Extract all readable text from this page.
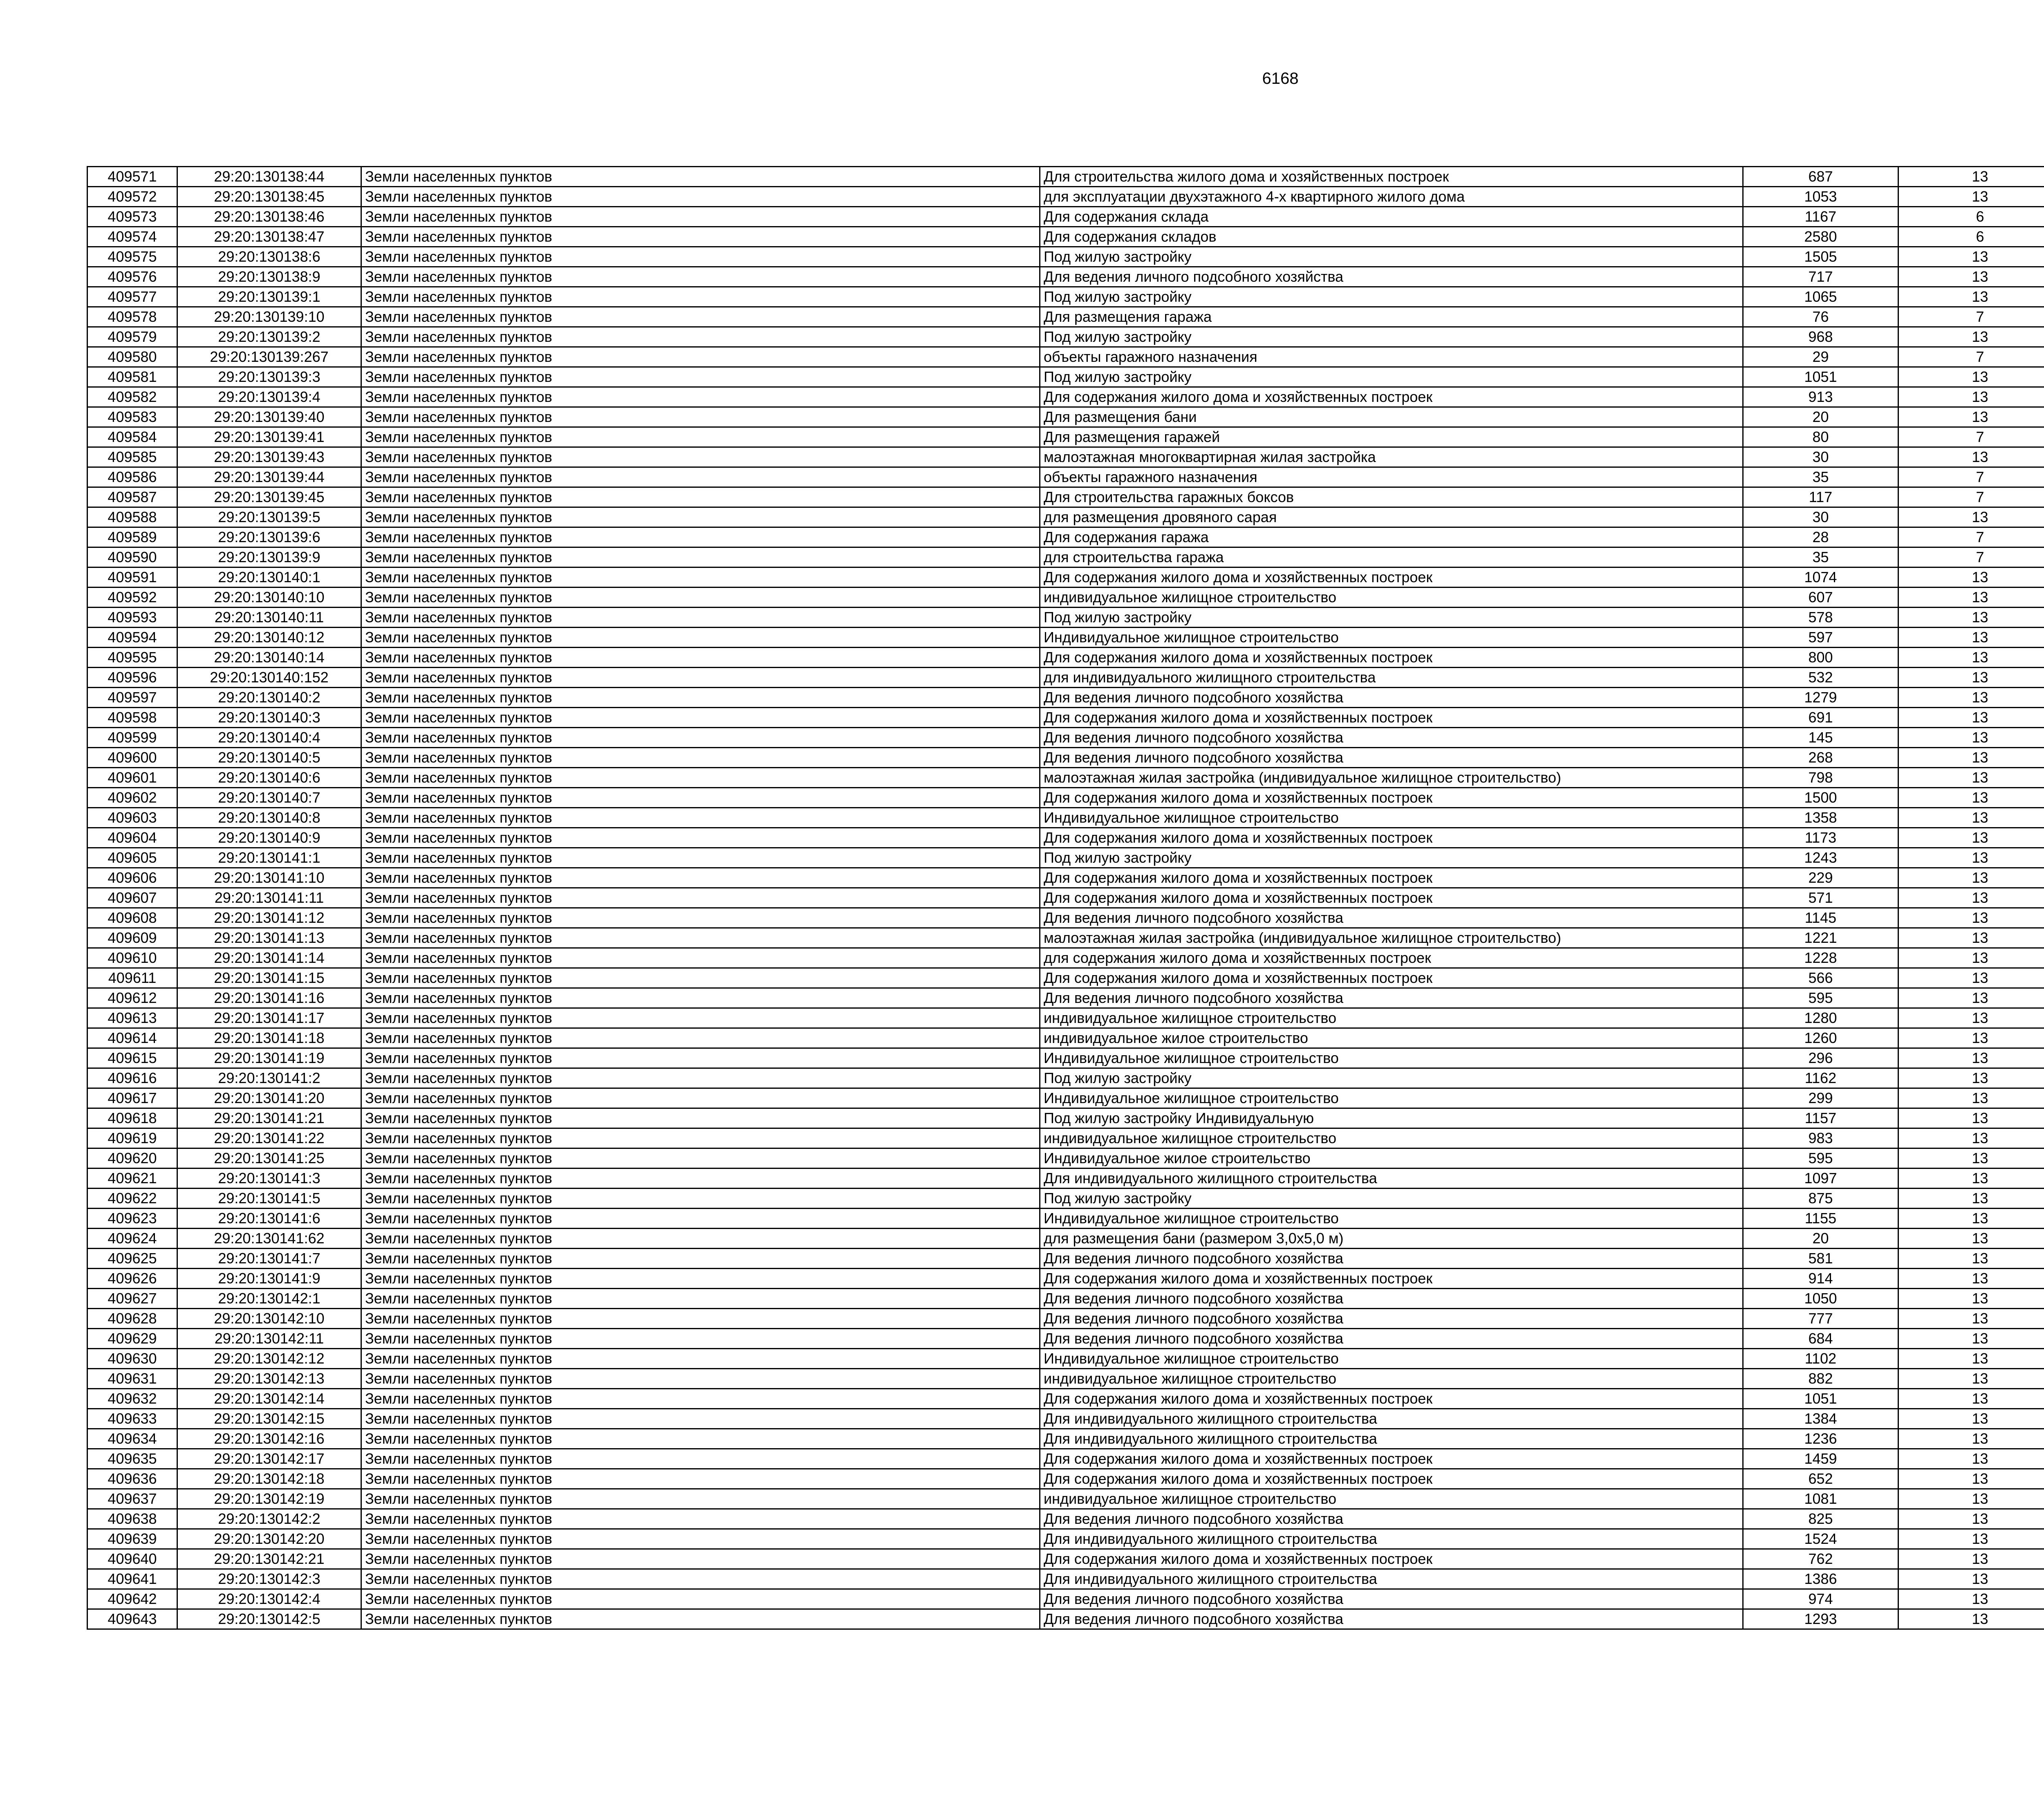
6168
409571	29:20:130138:44	Земли населенных пунктов	Для строительства жилого дома и хозяйственных построек	687	13		
409572	29:20:130138:45	Земли населенных пунктов	для эксплуатации двухэтажного 4-х квартирного жилого дома	1053	13		
409573	29:20:130138:46	Земли населенных пунктов	Для содержания склада	1167	6		
409574	29:20:130138:47	Земли населенных пунктов	Для содержания складов	2580	6		
409575	29:20:130138:6	Земли населенных пунктов	Под жилую застройку	1505	13		
409576	29:20:130138:9	Земли населенных пунктов	Для ведения личного подсобного хозяйства	717	13		
409577	29:20:130139:1	Земли населенных пунктов	Под жилую застройку	1065	13		
409578	29:20:130139:10	Земли населенных пунктов	Для размещения гаража	76	7		
409579	29:20:130139:2	Земли населенных пунктов	Под жилую застройку	968	13		
409580	29:20:130139:267	Земли населенных пунктов	объекты гаражного назначения	29	7		
409581	29:20:130139:3	Земли населенных пунктов	Под жилую застройку	1051	13		
409582	29:20:130139:4	Земли населенных пунктов	Для содержания жилого дома и хозяйственных построек	913	13		
409583	29:20:130139:40	Земли населенных пунктов	Для размещения бани	20	13		
409584	29:20:130139:41	Земли населенных пунктов	Для размещения гаражей	80	7		
409585	29:20:130139:43	Земли населенных пунктов	малоэтажная многоквартирная жилая застройка	30	13		
409586	29:20:130139:44	Земли населенных пунктов	объекты гаражного назначения	35	7		
409587	29:20:130139:45	Земли населенных пунктов	Для строительства гаражных боксов	117	7		
409588	29:20:130139:5	Земли населенных пунктов	для размещения дровяного сарая	30	13		
409589	29:20:130139:6	Земли населенных пунктов	Для содержания гаража	28	7		
409590	29:20:130139:9	Земли населенных пунктов	для строительства гаража	35	7		
409591	29:20:130140:1	Земли населенных пунктов	Для содержания жилого дома и хозяйственных построек	1074	13		
409592	29:20:130140:10	Земли населенных пунктов	индивидуальное жилищное строительство	607	13		
409593	29:20:130140:11	Земли населенных пунктов	Под жилую застройку	578	13		
409594	29:20:130140:12	Земли населенных пунктов	Индивидуальное жилищное строительство	597	13		
409595	29:20:130140:14	Земли населенных пунктов	Для содержания жилого дома и хозяйственных построек	800	13		
409596	29:20:130140:152	Земли населенных пунктов	для индивидуального жилищного строительства	532	13		
409597	29:20:130140:2	Земли населенных пунктов	Для ведения личного подсобного хозяйства	1279	13		
409598	29:20:130140:3	Земли населенных пунктов	Для содержания жилого дома и хозяйственных построек	691	13		
409599	29:20:130140:4	Земли населенных пунктов	Для ведения личного подсобного хозяйства	145	13		
409600	29:20:130140:5	Земли населенных пунктов	Для ведения личного подсобного хозяйства	268	13		
409601	29:20:130140:6	Земли населенных пунктов	малоэтажная жилая застройка (индивидуальное жилищное строительство)	798	13		
409602	29:20:130140:7	Земли населенных пунктов	Для содержания жилого дома и хозяйственных построек	1500	13		
409603	29:20:130140:8	Земли населенных пунктов	Индивидуальное жилищное строительство	1358	13		
409604	29:20:130140:9	Земли населенных пунктов	Для содержания жилого дома и хозяйственных построек	1173	13		
409605	29:20:130141:1	Земли населенных пунктов	Под жилую застройку	1243	13		
409606	29:20:130141:10	Земли населенных пунктов	Для содержания жилого дома и хозяйственных построек	229	13		
409607	29:20:130141:11	Земли населенных пунктов	Для содержания жилого дома и хозяйственных построек	571	13		
409608	29:20:130141:12	Земли населенных пунктов	Для ведения личного подсобного хозяйства	1145	13		
409609	29:20:130141:13	Земли населенных пунктов	малоэтажная жилая застройка (индивидуальное жилищное строительство)	1221	13		
409610	29:20:130141:14	Земли населенных пунктов	для содержания жилого дома и хозяйственных построек	1228	13		
409611	29:20:130141:15	Земли населенных пунктов	Для содержания жилого дома и хозяйственных построек	566	13		
409612	29:20:130141:16	Земли населенных пунктов	Для ведения личного подсобного хозяйства	595	13		
409613	29:20:130141:17	Земли населенных пунктов	индивидуальное жилищное строительство	1280	13		
409614	29:20:130141:18	Земли населенных пунктов	индивидуальное жилое строительство	1260	13		
409615	29:20:130141:19	Земли населенных пунктов	Индивидуальное жилищное строительство	296	13		
409616	29:20:130141:2	Земли населенных пунктов	Под жилую застройку	1162	13		
409617	29:20:130141:20	Земли населенных пунктов	Индивидуальное жилищное строительство	299	13		
409618	29:20:130141:21	Земли населенных пунктов	Под жилую застройку Индивидуальную	1157	13		
409619	29:20:130141:22	Земли населенных пунктов	индивидуальное жилищное строительство	983	13		
409620	29:20:130141:25	Земли населенных пунктов	Индивидуальное жилое строительство	595	13		
409621	29:20:130141:3	Земли населенных пунктов	Для индивидуального жилищного строительства	1097	13		
409622	29:20:130141:5	Земли населенных пунктов	Под жилую застройку	875	13		
409623	29:20:130141:6	Земли населенных пунктов	Индивидуальное жилищное строительство	1155	13		
409624	29:20:130141:62	Земли населенных пунктов	для размещения бани (размером 3,0х5,0 м)	20	13		
409625	29:20:130141:7	Земли населенных пунктов	Для ведения личного подсобного хозяйства	581	13		
409626	29:20:130141:9	Земли населенных пунктов	Для содержания жилого дома и хозяйственных построек	914	13		
409627	29:20:130142:1	Земли населенных пунктов	Для ведения личного подсобного хозяйства	1050	13		
409628	29:20:130142:10	Земли населенных пунктов	Для ведения личного подсобного хозяйства	777	13		
409629	29:20:130142:11	Земли населенных пунктов	Для ведения личного подсобного хозяйства	684	13		
409630	29:20:130142:12	Земли населенных пунктов	Индивидуальное жилищное строительство	1102	13		
409631	29:20:130142:13	Земли населенных пунктов	индивидуальное жилищное строительство	882	13		
409632	29:20:130142:14	Земли населенных пунктов	Для содержания жилого дома и хозяйственных построек	1051	13		
409633	29:20:130142:15	Земли населенных пунктов	Для индивидуального жилищного строительства	1384	13		
409634	29:20:130142:16	Земли населенных пунктов	Для индивидуального жилищного строительства	1236	13		
409635	29:20:130142:17	Земли населенных пунктов	Для содержания жилого дома и хозяйственных построек	1459	13		
409636	29:20:130142:18	Земли населенных пунктов	Для содержания жилого дома и хозяйственных построек	652	13		
409637	29:20:130142:19	Земли населенных пунктов	индивидуальное жилищное строительство	1081	13		
409638	29:20:130142:2	Земли населенных пунктов	Для ведения личного подсобного хозяйства	825	13		
409639	29:20:130142:20	Земли населенных пунктов	Для индивидуального жилищного строительства	1524	13		
409640	29:20:130142:21	Земли населенных пунктов	Для содержания жилого дома и хозяйственных построек	762	13		
409641	29:20:130142:3	Земли населенных пунктов	Для индивидуального жилищного строительства	1386	13		
409642	29:20:130142:4	Земли населенных пунктов	Для ведения личного подсобного хозяйства	974	13		
409643	29:20:130142:5	Земли населенных пунктов	Для ведения личного подсобного хозяйства	1293	13		
